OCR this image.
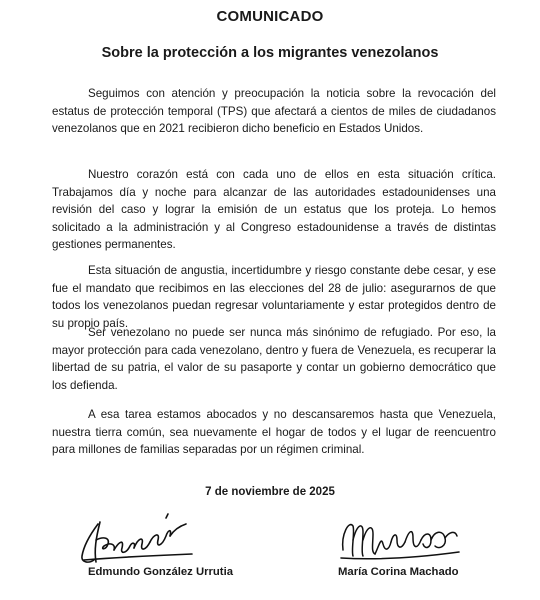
COMUNICADO
Sobre la protección a los migrantes venezolanos

Seguimos con atención y preocupación la noticia sobre la revocación del estatus de protección temporal (TPS) que afectará a cientos de miles de ciudadanos venezolanos que en 2021 recibieron dicho beneficio en Estados Unidos.

Nuestro corazón está con cada uno de ellos en esta situación crítica. Trabajamos día y noche para alcanzar de las autoridades estadounidenses una revisión del caso y lograr la emisión de un estatus que los proteja. Lo hemos solicitado a la administración y al Congreso estadounidense a través de distintas gestiones permanentes.

Esta situación de angustia, incertidumbre y riesgo constante debe cesar, y ese fue el mandato que recibimos en las elecciones del 28 de julio: asegurarnos de que todos los venezolanos puedan regresar voluntariamente y estar protegidos dentro de su propio país.

Ser venezolano no puede ser nunca más sinónimo de refugiado. Por eso, la mayor protección para cada venezolano, dentro y fuera de Venezuela, es recuperar la libertad de su patria, el valor de su pasaporte y contar un gobierno democrático que los defienda.

A esa tarea estamos abocados y no descansaremos hasta que Venezuela, nuestra tierra común, sea nuevamente el hogar de todos y el lugar de reencuentro para millones de familias separadas por un régimen criminal.

7 de noviembre de 2025
Edmundo González Urrutia	María Corina Machado
